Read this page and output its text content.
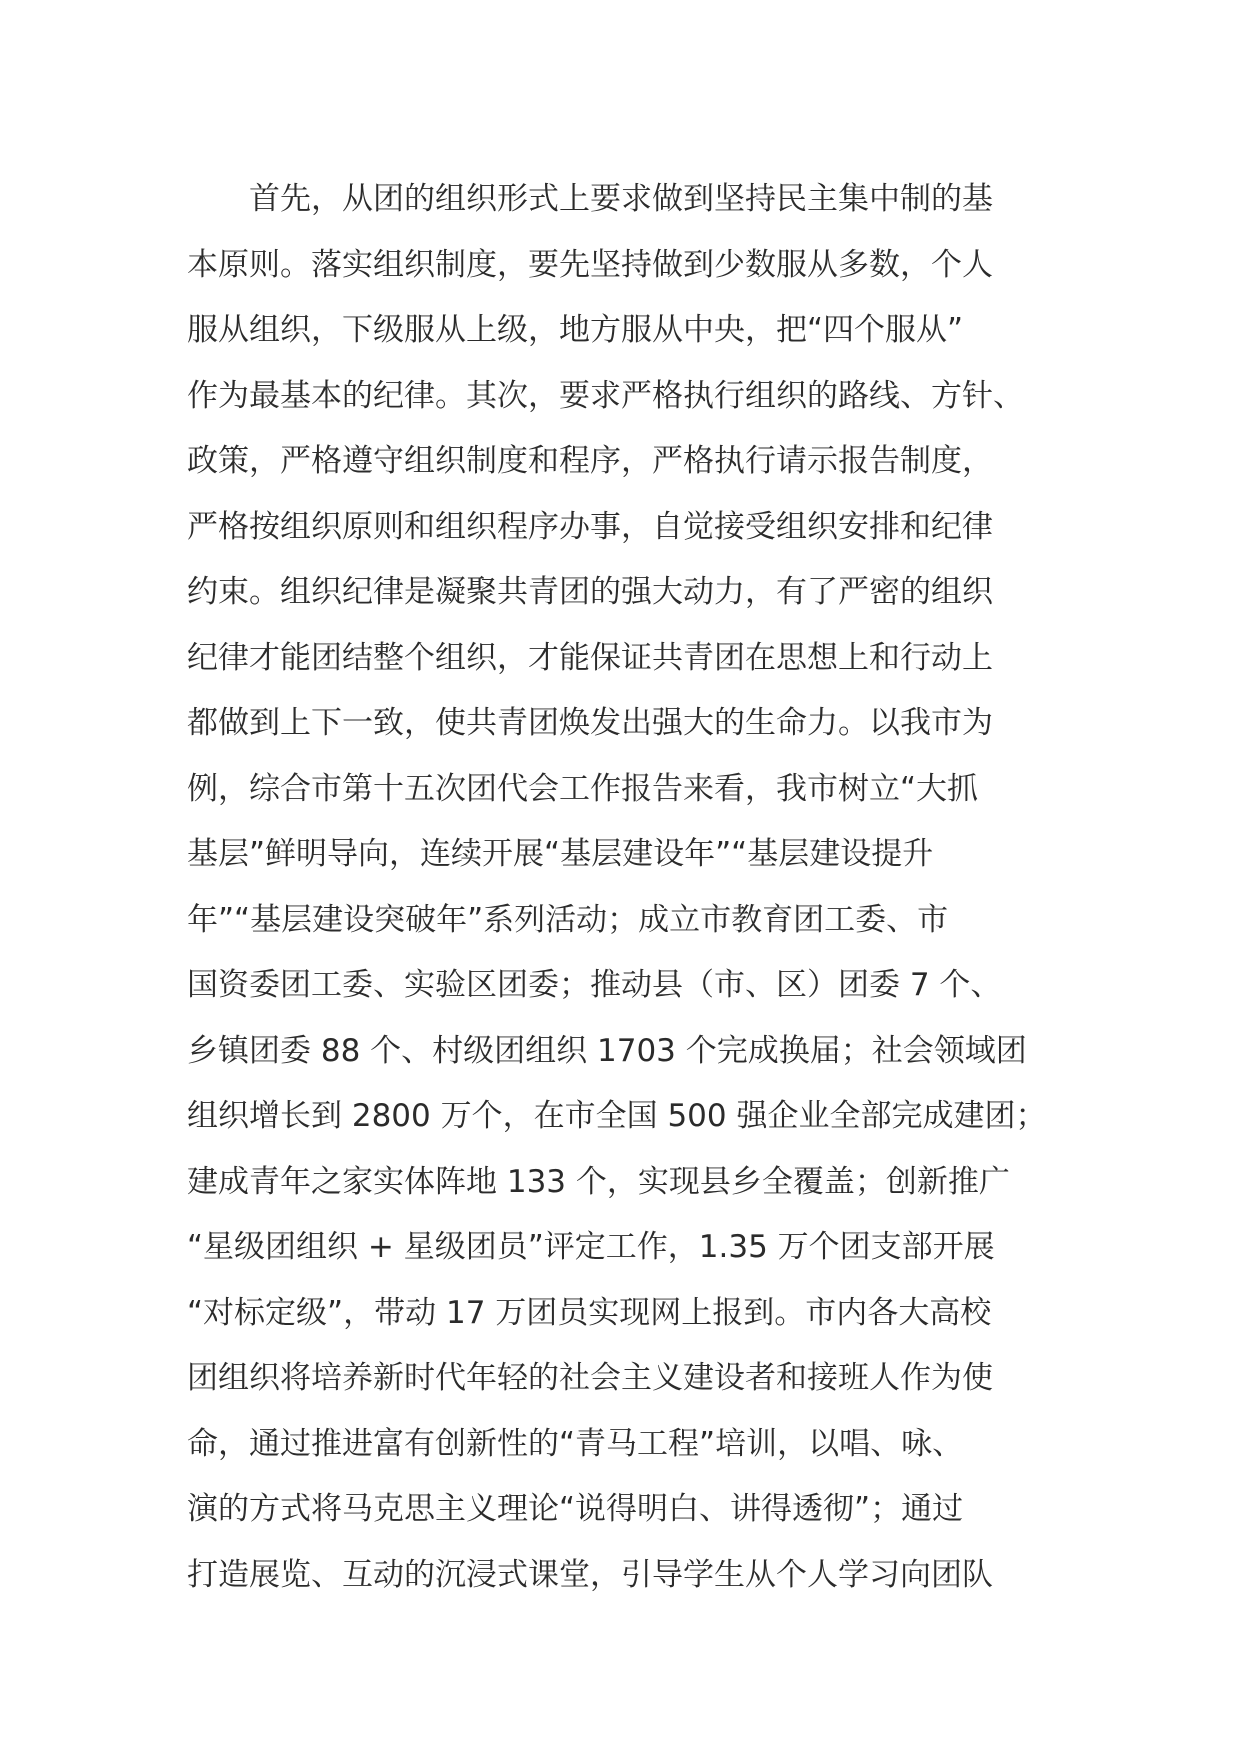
　　首先，从团的组织形式上要求做到坚持民主集中制的基
本原则。落实组织制度，要先坚持做到少数服从多数，个人
服从组织，下级服从上级，地方服从中央，把“四个服从”
作为最基本的纪律。其次，要求严格执行组织的路线、方针、
政策，严格遵守组织制度和程序，严格执行请示报告制度，
严格按组织原则和组织程序办事，自觉接受组织安排和纪律
约束。组织纪律是凝聚共青团的强大动力，有了严密的组织
纪律才能团结整个组织，才能保证共青团在思想上和行动上
都做到上下一致，使共青团焕发出强大的生命力。以我市为
例，综合市第十五次团代会工作报告来看，我市树立“大抓
基层”鲜明导向，连续开展“基层建设年”“基层建设提升
年”“基层建设突破年”系列活动；成立市教育团工委、市
国资委团工委、实验区团委；推动县（市、区）团委 7 个、
乡镇团委 88 个、村级团组织 1703 个完成换届；社会领域团
组织增长到 2800 万个，在市全国 500 强企业全部完成建团；
建成青年之家实体阵地 133 个，实现县乡全覆盖；创新推广
“星级团组织 + 星级团员”评定工作，1.35 万个团支部开展
“对标定级”，带动 17 万团员实现网上报到。市内各大高校
团组织将培养新时代年轻的社会主义建设者和接班人作为使
命，通过推进富有创新性的“青马工程”培训，以唱、咏、
演的方式将马克思主义理论“说得明白、讲得透彻”；通过
打造展览、互动的沉浸式课堂，引导学生从个人学习向团队
